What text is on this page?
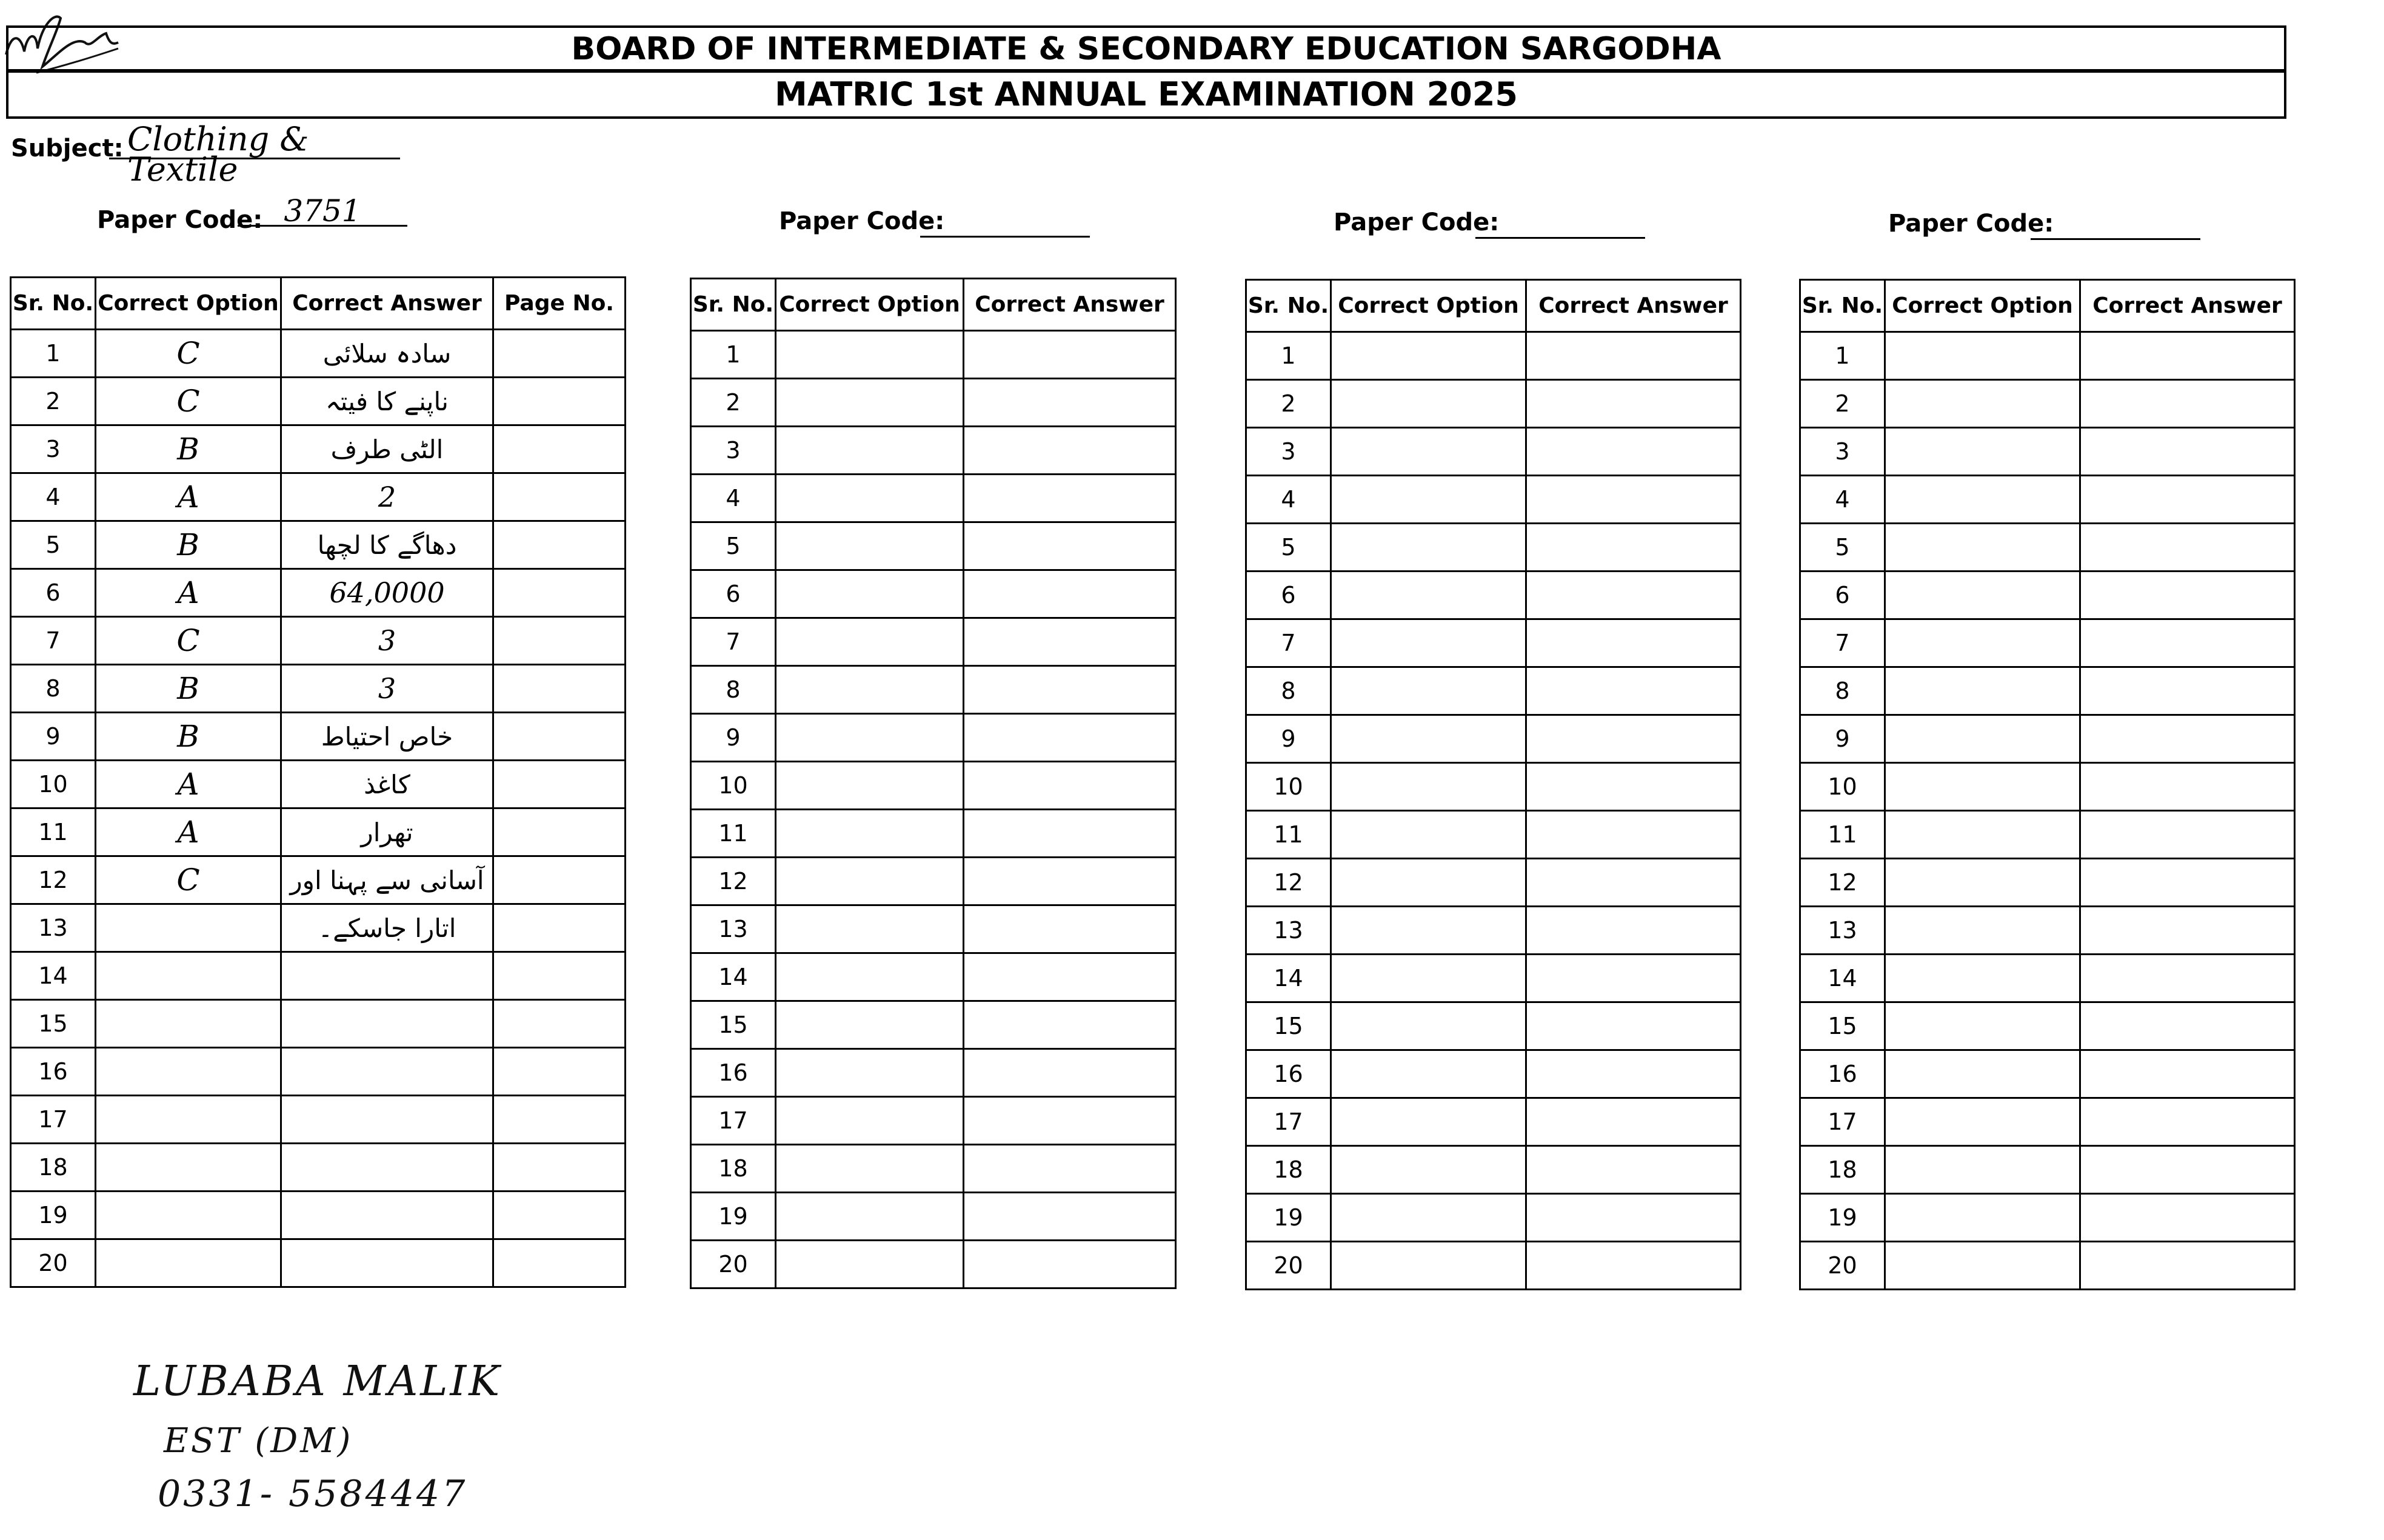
BOARD OF INTERMEDIATE & SECONDARY EDUCATION SARGODHA
MATRIC 1st ANNUAL EXAMINATION 2025
Subject: Clothing & Textile
Paper Code: 3751	Paper Code:	Paper Code:	Paper Code:
Sr. No.	Correct Option	Correct Answer	Page No.
1	C	سادہ سلائی	
2	C	ناپنے کا فیتہ	
3	B	الٹی طرف	
4	A	2	
5	B	دھاگے کا لچھا	
6	A	64,0000	
7	C	3	
8	B	3	
9	B	خاص احتیاط	
10	A	کاغذ	
11	A	تھرار	
12	C	آسانی سے پہنا اور	
13		اتارا جاسکے۔	
14			
15			
16			
17			
18			
19			
20			
Sr. No.	Correct Option	Correct Answer
1		
2		
3		
4		
5		
6		
7		
8		
9		
10		
11		
12		
13		
14		
15		
16		
17		
18		
19		
20		
Sr. No.	Correct Option	Correct Answer
1		
2		
3		
4		
5		
6		
7		
8		
9		
10		
11		
12		
13		
14		
15		
16		
17		
18		
19		
20		
Sr. No.	Correct Option	Correct Answer
1		
2		
3		
4		
5		
6		
7		
8		
9		
10		
11		
12		
13		
14		
15		
16		
17		
18		
19		
20		
LUBABA MALIK
EST (DM)
0331- 5584447
